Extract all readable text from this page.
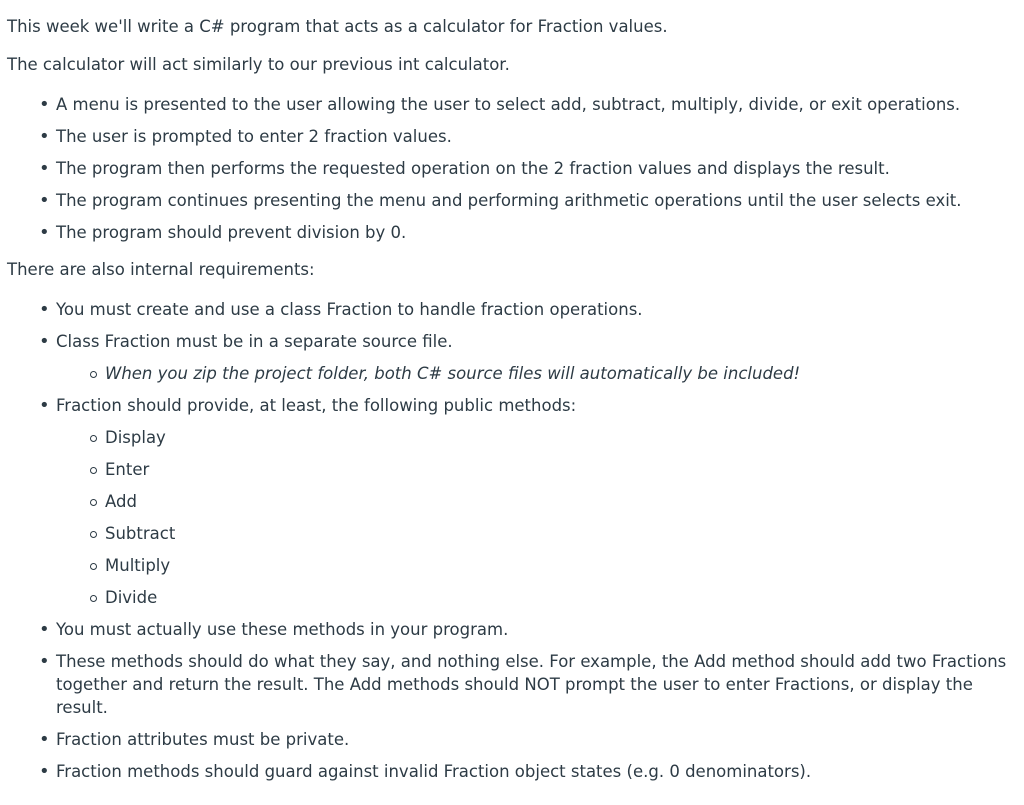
This week we'll write a C# program that acts as a calculator for Fraction values.

The calculator will act similarly to our previous int calculator.

• A menu is presented to the user allowing the user to select add, subtract, multiply, divide, or exit operations.
• The user is prompted to enter 2 fraction values.
• The program then performs the requested operation on the 2 fraction values and displays the result.
• The program continues presenting the menu and performing arithmetic operations until the user selects exit.
• The program should prevent division by 0.

There are also internal requirements:

• You must create and use a class Fraction to handle fraction operations.
• Class Fraction must be in a separate source file.
When you zip the project folder, both C# source files will automatically be included!
• Fraction should provide, at least, the following public methods:
Display
Enter
Add
Subtract
Multiply
Divide
• You must actually use these methods in your program.
• These methods should do what they say, and nothing else. For example, the Add method should add two Fractions together and return the result. The Add methods should NOT prompt the user to enter Fractions, or display the result.
• Fraction attributes must be private.
• Fraction methods should guard against invalid Fraction object states (e.g. 0 denominators).
